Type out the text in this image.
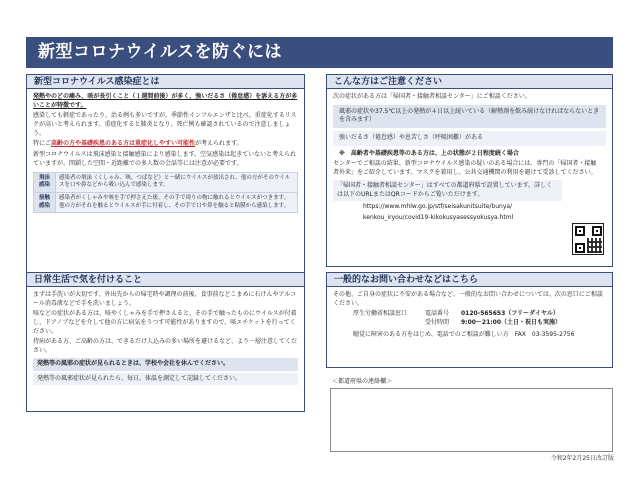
新型コロナウイルスを防ぐには
新型コロナウイルス感染症とは

発熱やのどの痛み、咳が長引くこと（１週間前後）が多く、強いだるさ（倦怠感）を訴える方が多いことが特徴です。

感染しても軽症であったり、治る例も多いですが、季節性インフルエンザと比べ、重症化するリスクが高いと考えられます。重症化すると肺炎となり、死亡例も確認されているので注意しましょう。

特にご高齢の方や基礎疾患のある方は重症化しやすい可能性が考えられます。

新型コロナウイルスは飛沫感染と接触感染により感染します。空気感染は起きていないと考えられていますが、閉鎖した空間・近距離での多人数の会話等には注意が必要です。

飛沫感染	感染者の飛沫（くしゃみ、咳、つばなど）と一緒にウイルスが放出され、他の方がそのウイルスを口や鼻などから吸い込んで感染します。
接触感染	感染者がくしゃみや咳を手で押さえた後、その手で周りの物に触れるとウイルスがつきます。他の方がそれを触るとウイルスが手に付着し、その手で口や鼻を触ると粘膜から感染します。
日常生活で気を付けること

まずは手洗いが大切です。外出先からの帰宅時や調理の前後、食事前などこまめに石けんやアルコール消毒液などで手を洗いましょう。

咳などの症状がある方は、咳やくしゃみを手で押さえると、その手で触ったものにウイルスが付着し、ドアノブなどを介して他の方に病気をうつす可能性がありますので、咳エチケットを行ってください。

持病がある方、ご高齢の方は、できるだけ人込みの多い場所を避けるなど、より一層注意してください。

発熱等の風邪の症状が見られるときは、学校や会社を休んでください。
発熱等の風邪症状が見られたら、毎日、体温を測定して記録してください。
こんな方はご注意ください

次の症状がある方は「帰国者・接触者相談センター」にご相談ください。

風邪の症状や37.5℃以上の発熱が４日以上続いている（解熱剤を飲み続けなければならないときを含みます）
強いだるさ（倦怠感）や息苦しさ（呼吸困難）がある

※　高齢者や基礎疾患等のある方は、上の状態が２日程度続く場合

センターでご相談の結果、新型コロナウイルス感染の疑いのある場合には、専門の「帰国者・接触者外来」をご紹介しています。マスクを着用し、公共交通機関の利用を避けて受診してください。

「帰国者・接触者相談センター」はすべての都道府県で設置しています。詳しくは以下のURLまたはQRコードからご覧いただけます。

https://www.mhlw.go.jp/stf/seisakunitsuite/bunya/

kenkou_iryou/covid19-kikokusyasessyokusya.html

一般的なお問い合わせなどはこちら

その他、ご自身の症状に不安がある場合など、一般的なお問い合わせについては、次の窓口にご相談ください。

厚生労働省相談窓口	電話番号	0120-565653（フリーダイヤル）
受付時間	9:00〜21:00（土日・祝日も実施）

聴覚に障害のある方をはじめ、電話でのご相談が難しい方　FAX　03-3595-2756

＜都道府県の連絡欄＞
令和2年2月25日改訂版
